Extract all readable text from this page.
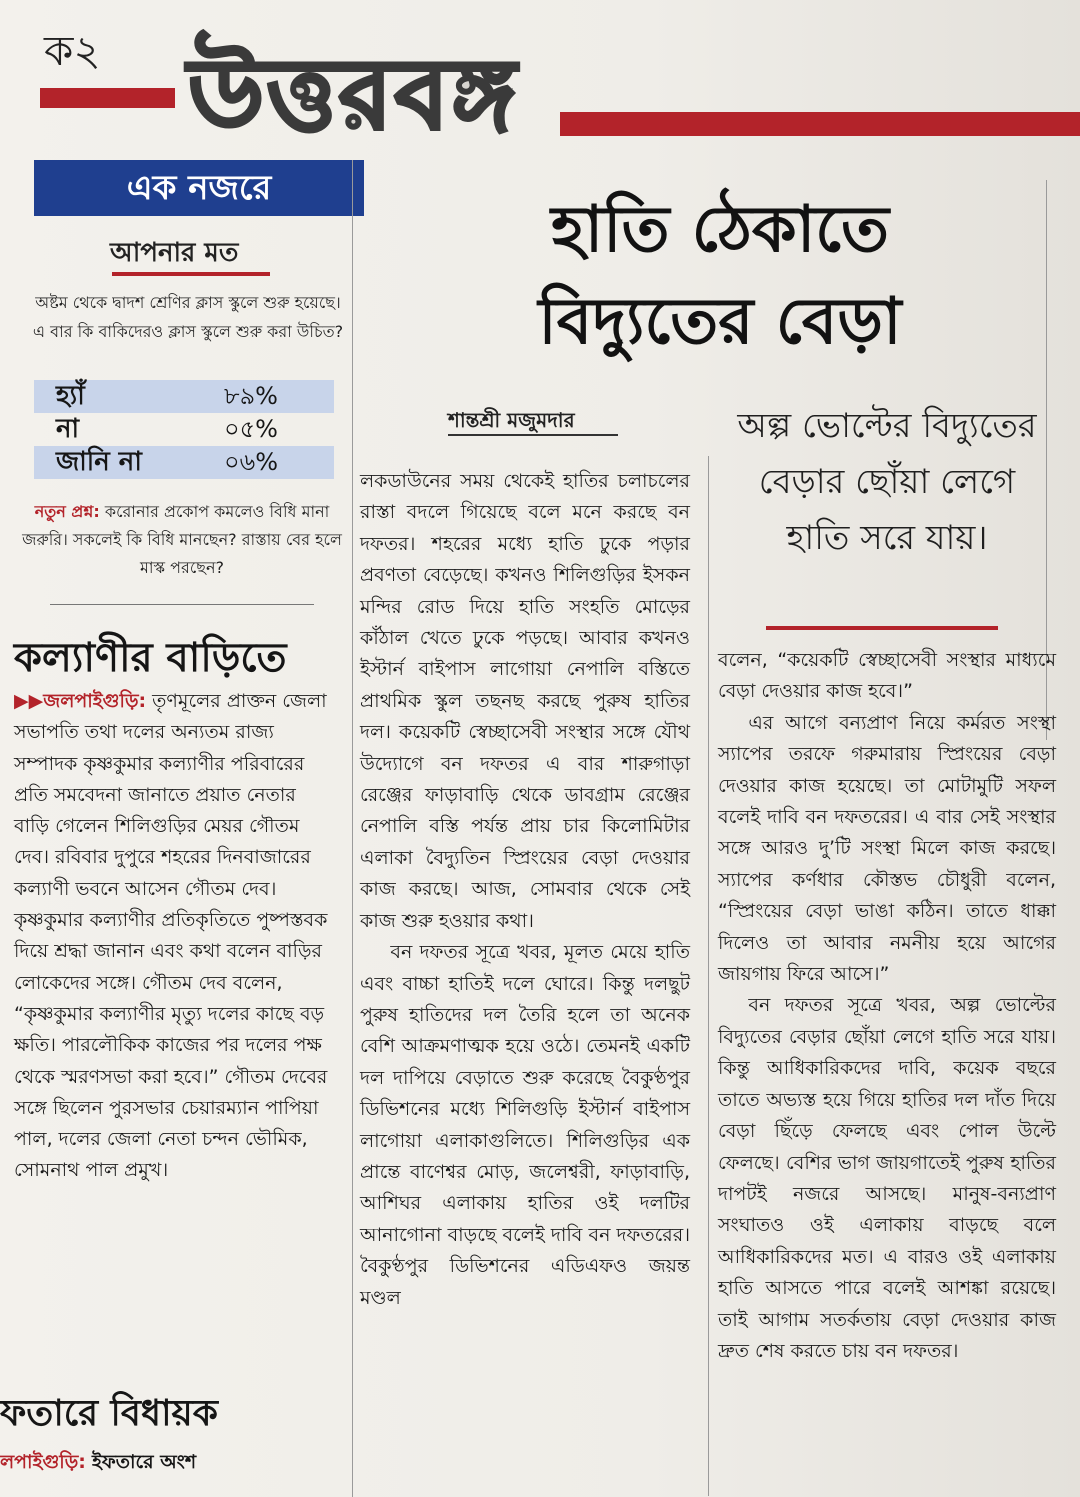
ক২ উত্তরবঙ্গ
এক নজরে
আপনার মত
অষ্টম থেকে দ্বাদশ শ্রেণির ক্লাস স্কুলে শুরু হয়েছে। এ বার কি বাকিদেরও ক্লাস স্কুলে শুরু করা উচিত?
হ্যাঁ	৮৯%
না	০৫%
জানি না	০৬%
নতুন প্রশ্ন: করোনার প্রকোপ কমলেও বিধি মানা জরুরি। সকলেই কি বিধি মানছেন? রাস্তায় বের হলে মাস্ক পরছেন?
কল্যাণীর বাড়িতে
▶▶জলপাইগুড়ি: তৃণমূলের প্রাক্তন জেলা সভাপতি তথা দলের অন্যতম রাজ্য সম্পাদক কৃষ্ণকুমার কল্যাণীর পরিবারের প্রতি সমবেদনা জানাতে প্রয়াত নেতার বাড়ি গেলেন শিলিগুড়ির মেয়র গৌতম দেব। রবিবার দুপুরে শহরের দিনবাজারের কল্যাণী ভবনে আসেন গৌতম দেব। কৃষ্ণকুমার কল্যাণীর প্রতিকৃতিতে পুষ্পস্তবক দিয়ে শ্রদ্ধা জানান এবং কথা বলেন বাড়ির লোকেদের সঙ্গে। গৌতম দেব বলেন, “কৃষ্ণকুমার কল্যাণীর মৃত্যু দলের কাছে বড় ক্ষতি। পারলৌকিক কাজের পর দলের পক্ষ থেকে স্মরণসভা করা হবে।” গৌতম দেবের সঙ্গে ছিলেন পুরসভার চেয়ারম্যান পাপিয়া পাল, দলের জেলা নেতা চন্দন ভৌমিক, সোমনাথ পাল প্রমুখ।
ফতারে বিধায়ক
লপাইগুড়ি: ইফতারে অংশ
হাতি ঠেকাতে বিদ্যুতের বেড়া
শান্তশ্রী মজুমদার	অল্প ভোল্টের বিদ্যুতের বেড়ার ছোঁয়া লেগে হাতি সরে যায়।

লকডাউনের সময় থেকেই হাতির চলাচলের রাস্তা বদলে গিয়েছে বলে মনে করছে বন দফতর। শহরের মধ্যে হাতি ঢুকে পড়ার প্রবণতা বেড়েছে। কখনও শিলিগুড়ির ইসকন মন্দির রোড দিয়ে হাতি সংহতি মোড়ের কাঁঠাল খেতে ঢুকে পড়ছে। আবার কখনও ইস্টার্ন বাইপাস লাগোয়া নেপালি বস্তিতে প্রাথমিক স্কুল তছনছ করছে পুরুষ হাতির দল। কয়েকটি স্বেচ্ছাসেবী সংস্থার সঙ্গে যৌথ উদ্যোগে বন দফতর এ বার শারুগাড়া রেঞ্জের ফাড়াবাড়ি থেকে ডাবগ্রাম রেঞ্জের নেপালি বস্তি পর্যন্ত প্রায় চার কিলোমিটার এলাকা বৈদ্যুতিন স্প্রিংয়ের বেড়া দেওয়ার কাজ করছে। আজ, সোমবার থেকে সেই কাজ শুরু হওয়ার কথা।

বন দফতর সূত্রে খবর, মূলত মেয়ে হাতি এবং বাচ্চা হাতিই দলে ঘোরে। কিন্তু দলছুট পুরুষ হাতিদের দল তৈরি হলে তা অনেক বেশি আক্রমণাত্মক হয়ে ওঠে। তেমনই একটি দল দাপিয়ে বেড়াতে শুরু করেছে বৈকুণ্ঠপুর ডিভিশনের মধ্যে শিলিগুড়ি ইস্টার্ন বাইপাস লাগোয়া এলাকাগুলিতে। শিলিগুড়ির এক প্রান্তে বাণেশ্বর মোড়, জলেশ্বরী, ফাড়াবাড়ি, আশিঘর এলাকায় হাতির ওই দলটির আনাগোনা বাড়ছে বলেই দাবি বন দফতরের। বৈকুণ্ঠপুর ডিভিশনের এডিএফও জয়ন্ত মণ্ডল

বলেন, “কয়েকটি স্বেচ্ছাসেবী সংস্থার মাধ্যমে বেড়া দেওয়ার কাজ হবে।”

এর আগে বন্যপ্রাণ নিয়ে কর্মরত সংস্থা স্যাপের তরফে গরুমারায় স্প্রিংয়ের বেড়া দেওয়ার কাজ হয়েছে। তা মোটামুটি সফল বলেই দাবি বন দফতরের। এ বার সেই সংস্থার সঙ্গে আরও দু’টি সংস্থা মিলে কাজ করছে। স্যাপের কর্ণধার কৌস্তভ চৌধুরী বলেন, “স্প্রিংয়ের বেড়া ভাঙা কঠিন। তাতে ধাক্কা দিলেও তা আবার নমনীয় হয়ে আগের জায়গায় ফিরে আসে।”

বন দফতর সূত্রে খবর, অল্প ভোল্টের বিদ্যুতের বেড়ার ছোঁয়া লেগে হাতি সরে যায়। কিন্তু আধিকারিকদের দাবি, কয়েক বছরে তাতে অভ্যস্ত হয়ে গিয়ে হাতির দল দাঁত দিয়ে বেড়া ছিঁড়ে ফেলছে এবং পোল উল্টে ফেলছে। বেশির ভাগ জায়গাতেই পুরুষ হাতির দাপটই নজরে আসছে। মানুষ-বন্যপ্রাণ সংঘাতও ওই এলাকায় বাড়ছে বলে আধিকারিকদের মত। এ বারও ওই এলাকায় হাতি আসতে পারে বলেই আশঙ্কা রয়েছে। তাই আগাম সতর্কতায় বেড়া দেওয়ার কাজ দ্রুত শেষ করতে চায় বন দফতর।
